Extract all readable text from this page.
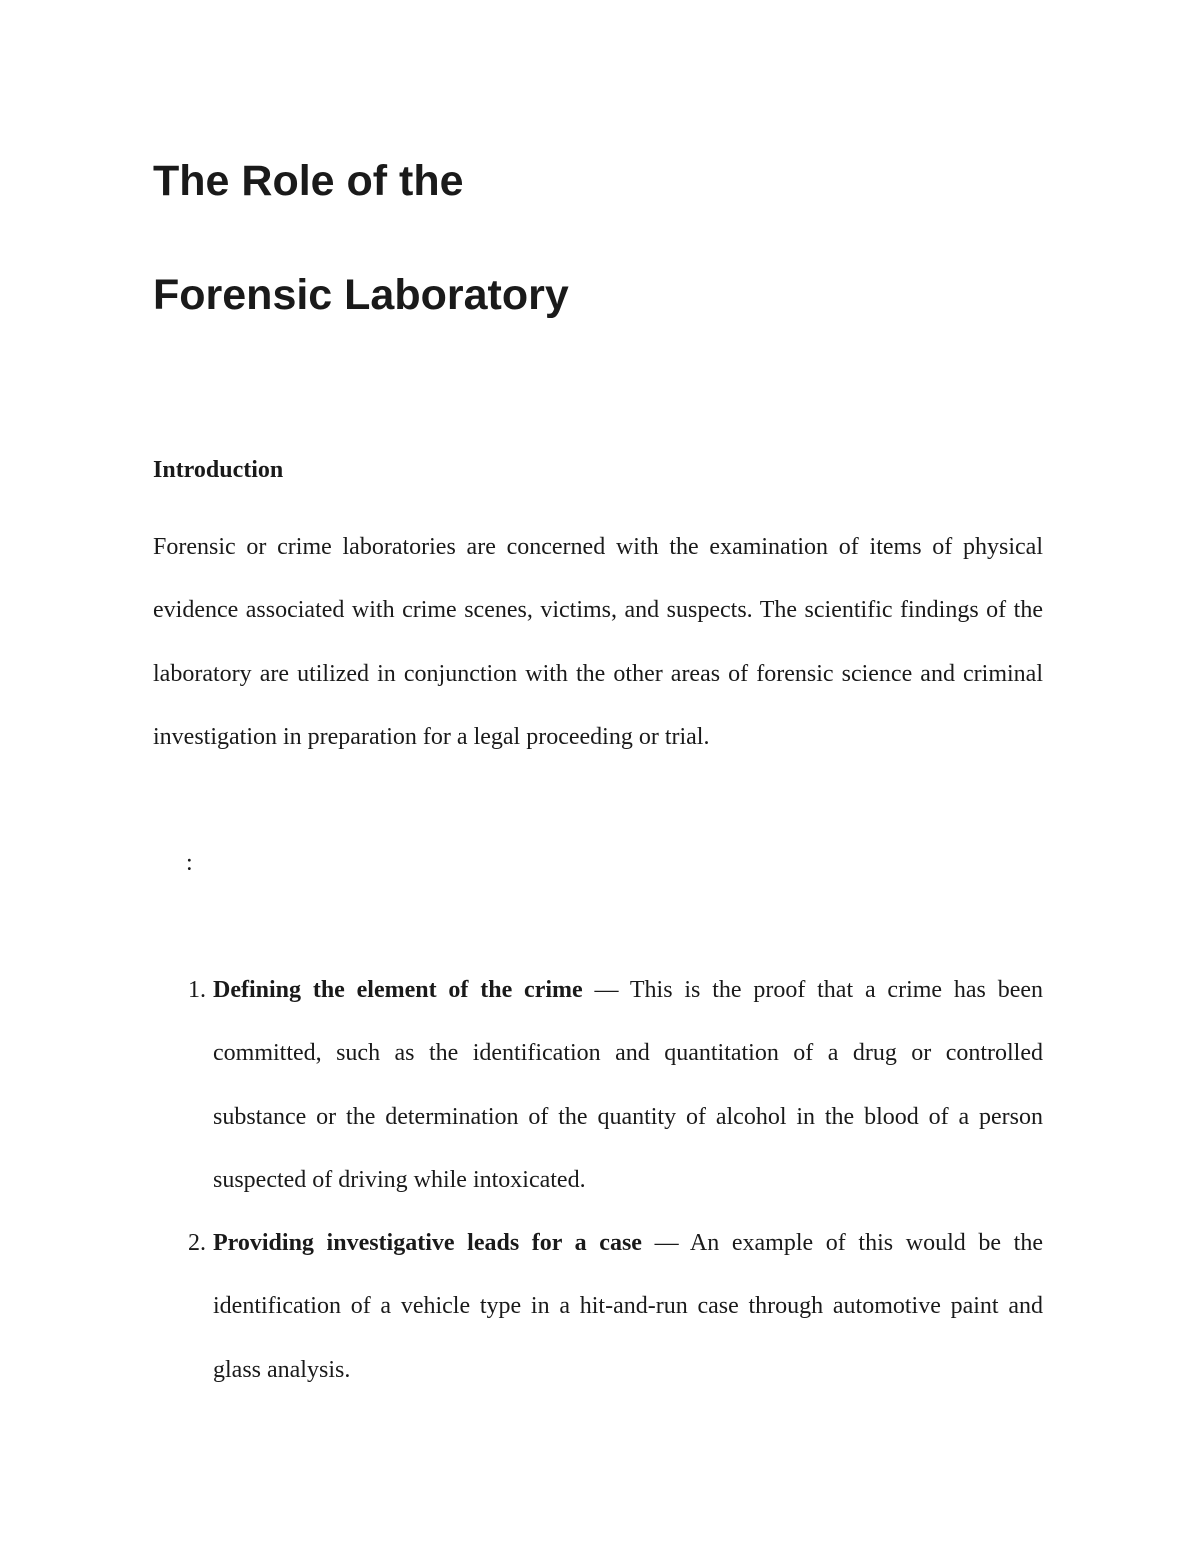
The Role of the
Forensic Laboratory
Introduction

Forensic or crime laboratories are concerned with the examination of items of physical evidence associated with crime scenes, victims, and suspects. The scientific findings of the laboratory are utilized in conjunction with the other areas of forensic science and criminal investigation in preparation for a legal proceeding or trial.

:
1. Defining the element of the crime — This is the proof that a crime has been committed, such as the identification and quantitation of a drug or controlled substance or the determination of the quantity of alcohol in the blood of a person suspected of driving while intoxicated.
2. Providing investigative leads for a case — An example of this would be the identification of a vehicle type in a hit-and-run case through automotive paint and glass analysis.
